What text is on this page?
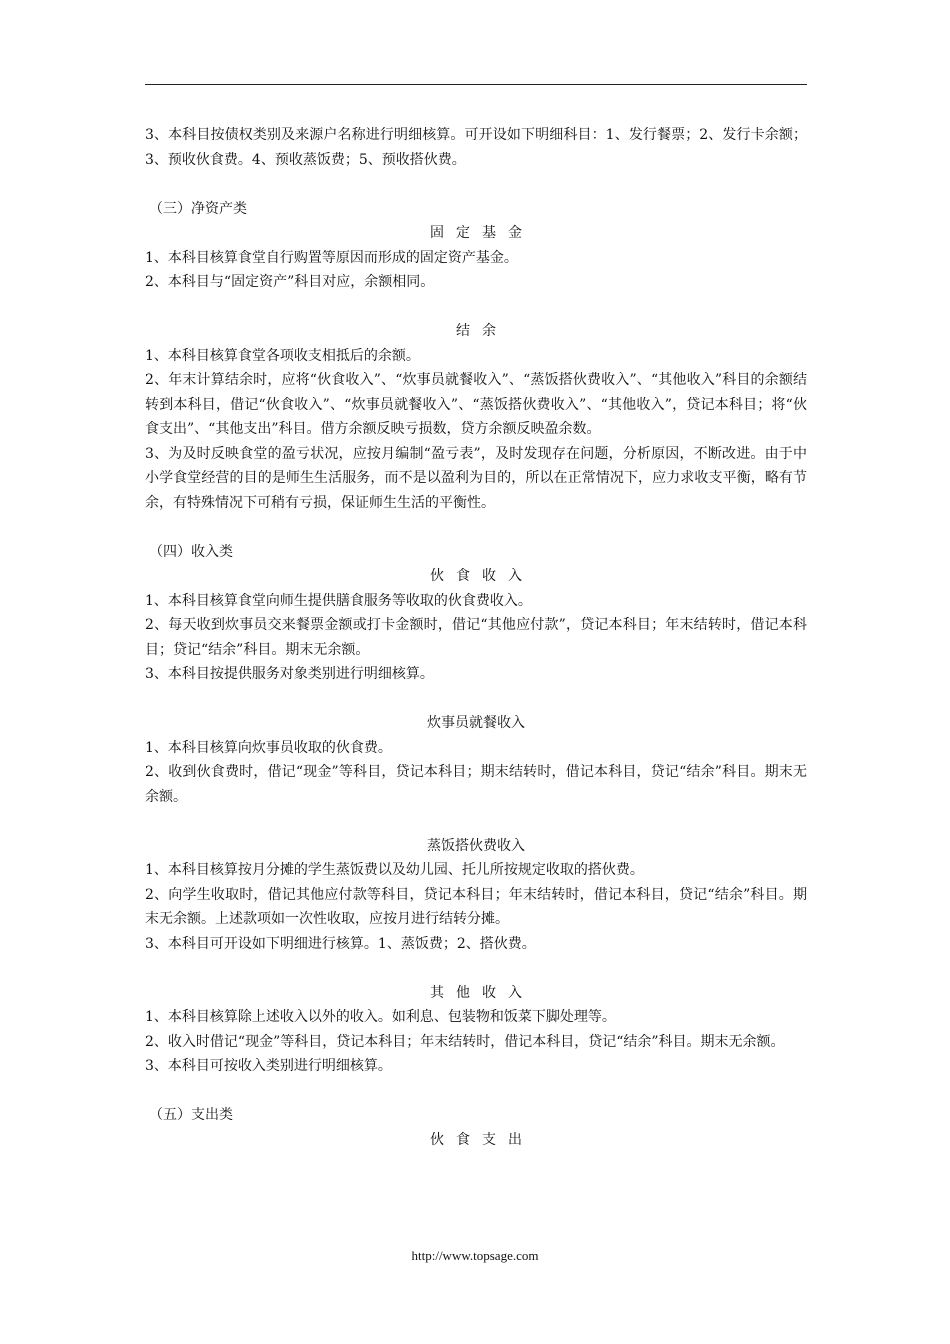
3、本科目按债权类别及来源户名称进行明细核算。可开设如下明细科目：1、发行餐票；2、发行卡余额；3、预收伙食费。4、预收蒸饭费；5、预收搭伙费。

（三）净资产类

固定基金

1、本科目核算食堂自行购置等原因而形成的固定资产基金。

2、本科目与“固定资产”科目对应，余额相同。

结余

1、本科目核算食堂各项收支相抵后的余额。

2、年末计算结余时，应将“伙食收入”、“炊事员就餐收入”、“蒸饭搭伙费收入”、“其他收入”科目的余额结转到本科目，借记“伙食收入”、“炊事员就餐收入”、“蒸饭搭伙费收入”、“其他收入”，贷记本科目；将“伙食支出”、“其他支出”科目。借方余额反映亏损数，贷方余额反映盈余数。

3、为及时反映食堂的盈亏状况，应按月编制“盈亏表”，及时发现存在问题，分析原因，不断改进。由于中小学食堂经营的目的是师生生活服务，而不是以盈利为目的，所以在正常情况下，应力求收支平衡，略有节余，有特殊情况下可稍有亏损，保证师生生活的平衡性。

（四）收入类

伙食收入

1、本科目核算食堂向师生提供膳食服务等收取的伙食费收入。

2、每天收到炊事员交来餐票金额或打卡金额时，借记“其他应付款”，贷记本科目；年末结转时，借记本科目；贷记“结余”科目。期末无余额。

3、本科目按提供服务对象类别进行明细核算。

炊事员就餐收入

1、本科目核算向炊事员收取的伙食费。

2、收到伙食费时，借记“现金”等科目，贷记本科目；期末结转时，借记本科目，贷记“结余”科目。期末无余额。

蒸饭搭伙费收入

1、本科目核算按月分摊的学生蒸饭费以及幼儿园、托儿所按规定收取的搭伙费。

2、向学生收取时，借记其他应付款等科目，贷记本科目；年末结转时，借记本科目，贷记“结余”科目。期末无余额。上述款项如一次性收取，应按月进行结转分摊。

3、本科目可开设如下明细进行核算。1、蒸饭费；2、搭伙费。

其他收入

1、本科目核算除上述收入以外的收入。如利息、包装物和饭菜下脚处理等。

2、收入时借记“现金”等科目，贷记本科目；年末结转时，借记本科目，贷记“结余”科目。期末无余额。

3、本科目可按收入类别进行明细核算。

（五）支出类

伙食支出

http://www.topsage.com
